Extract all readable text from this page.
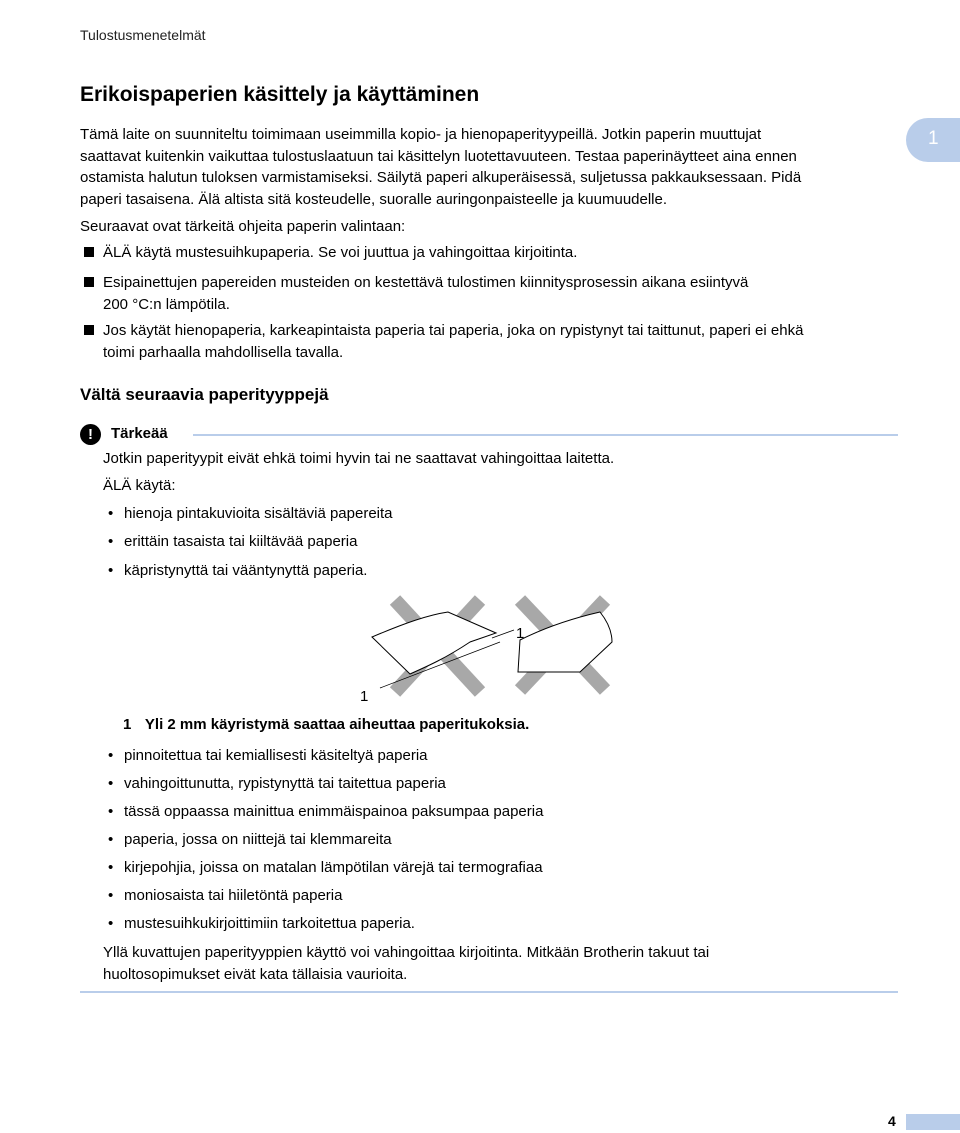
Tulostusmenetelmät
1
Erikoispaperien käsittely ja käyttäminen
Tämä laite on suunniteltu toimimaan useimmilla kopio- ja hienopaperityypeillä. Jotkin paperin muuttujat
saattavat kuitenkin vaikuttaa tulostuslaatuun tai käsittelyn luotettavuuteen. Testaa paperinäytteet aina ennen
ostamista halutun tuloksen varmistamiseksi. Säilytä paperi alkuperäisessä, suljetussa pakkauksessaan. Pidä
paperi tasaisena. Älä altista sitä kosteudelle, suoralle auringonpaisteelle ja kuumuudelle.
Seuraavat ovat tärkeitä ohjeita paperin valintaan:
ÄLÄ käytä mustesuihkupaperia. Se voi juuttua ja vahingoittaa kirjoitinta.
Esipainettujen papereiden musteiden on kestettävä tulostimen kiinnitysprosessin aikana esiintyvä
200 °C:n lämpötila.
Jos käytät hienopaperia, karkeapintaista paperia tai paperia, joka on rypistynyt tai taittunut, paperi ei ehkä
toimi parhaalla mahdollisella tavalla.
Vältä seuraavia paperityyppejä
!	Tärkeää
Jotkin paperityypit eivät ehkä toimi hyvin tai ne saattavat vahingoittaa laitetta.
ÄLÄ käytä:
• hienoja pintakuvioita sisältäviä papereita
• erittäin tasaista tai kiiltävää paperia
• käpristynyttä tai vääntynyttä paperia.
1
1
1 Yli 2 mm käyristymä saattaa aiheuttaa paperitukoksia.
• pinnoitettua tai kemiallisesti käsiteltyä paperia
• vahingoittunutta, rypistynyttä tai taitettua paperia
• tässä oppaassa mainittua enimmäispainoa paksumpaa paperia
• paperia, jossa on niittejä tai klemmareita
• kirjepohjia, joissa on matalan lämpötilan värejä tai termografiaa
• moniosaista tai hiiletöntä paperia
• mustesuihkukirjoittimiin tarkoitettua paperia.
Yllä kuvattujen paperityyppien käyttö voi vahingoittaa kirjoitinta. Mitkään Brotherin takuut tai
huoltosopimukset eivät kata tällaisia vaurioita.
4
